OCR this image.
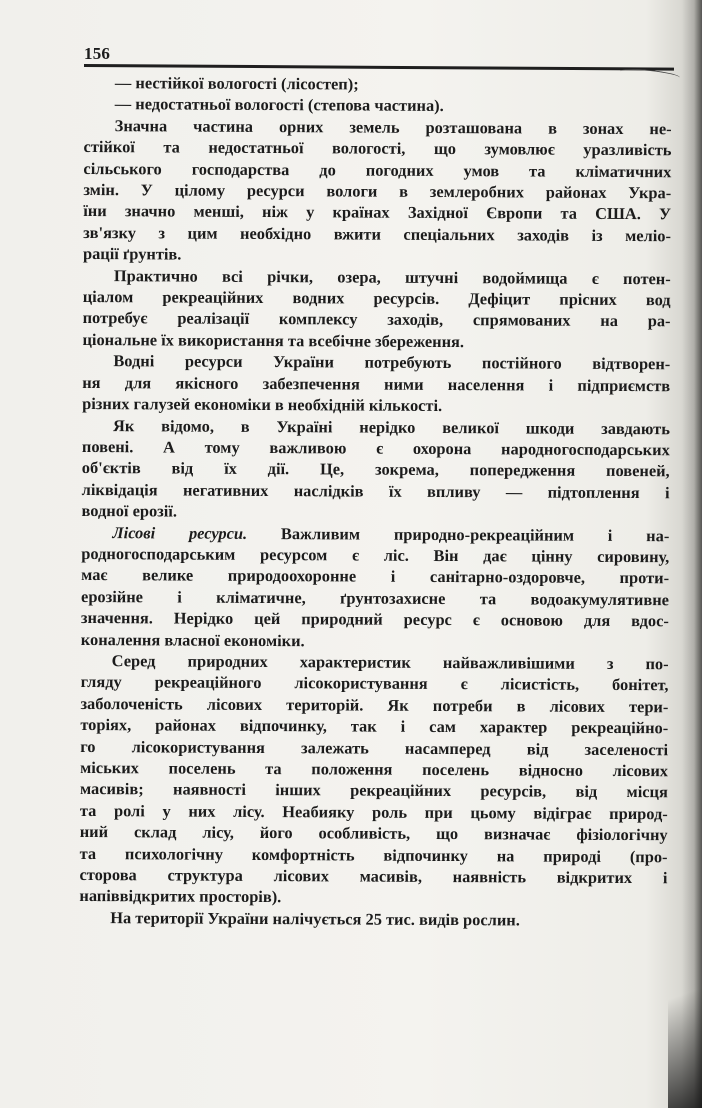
156
— нестійкої вологості (лісостеп);
— недостатньої вологості (степова частина).
Значна частина орних земель розташована в зонах не-
стійкої та недостатньої вологості, що зумовлює уразливість
сільського господарства до погодних умов та кліматичних
змін. У цілому ресурси вологи в землеробних районах Укра-
їни значно менші, ніж у країнах Західної Європи та США. У
зв'язку з цим необхідно вжити спеціальних заходів із меліо-
рації ґрунтів.
Практично всі річки, озера, штучні водоймища є потен-
ціалом рекреаційних водних ресурсів. Дефіцит прісних вод
потребує реалізації комплексу заходів, спрямованих на ра-
ціональне їх використання та всебічне збереження.
Водні ресурси України потребують постійного відтворен-
ня для якісного забезпечення ними населення і підприємств
різних галузей економіки в необхідній кількості.
Як відомо, в Україні нерідко великої шкоди завдають
повені. А тому важливою є охорона народногосподарських
об'єктів від їх дії. Це, зокрема, попередження повеней,
ліквідація негативних наслідків їх впливу — підтоплення і
водної ерозії.
Лісові ресурси. Важливим природно-рекреаційним і на-
родногосподарським ресурсом є ліс. Він дає цінну сировину,
має велике природоохоронне і санітарно-оздоровче, проти-
ерозійне і кліматичне, ґрунтозахисне та водоакумулятивне
значення. Нерідко цей природний ресурс є основою для вдос-
коналення власної економіки.
Серед природних характеристик найважливішими з по-
гляду рекреаційного лісокористування є лісистість, бонітет,
заболоченість лісових територій. Як потреби в лісових тери-
торіях, районах відпочинку, так і сам характер рекреаційно-
го лісокористування залежать насамперед від заселеності
міських поселень та положення поселень відносно лісових
масивів; наявності інших рекреаційних ресурсів, від місця
та ролі у них лісу. Неабияку роль при цьому відіграє природ-
ний склад лісу, його особливість, що визначає фізіологічну
та психологічну комфортність відпочинку на природі (про-
сторова структура лісових масивів, наявність відкритих і
напіввідкритих просторів).
На території України налічується 25 тис. видів рослин.
